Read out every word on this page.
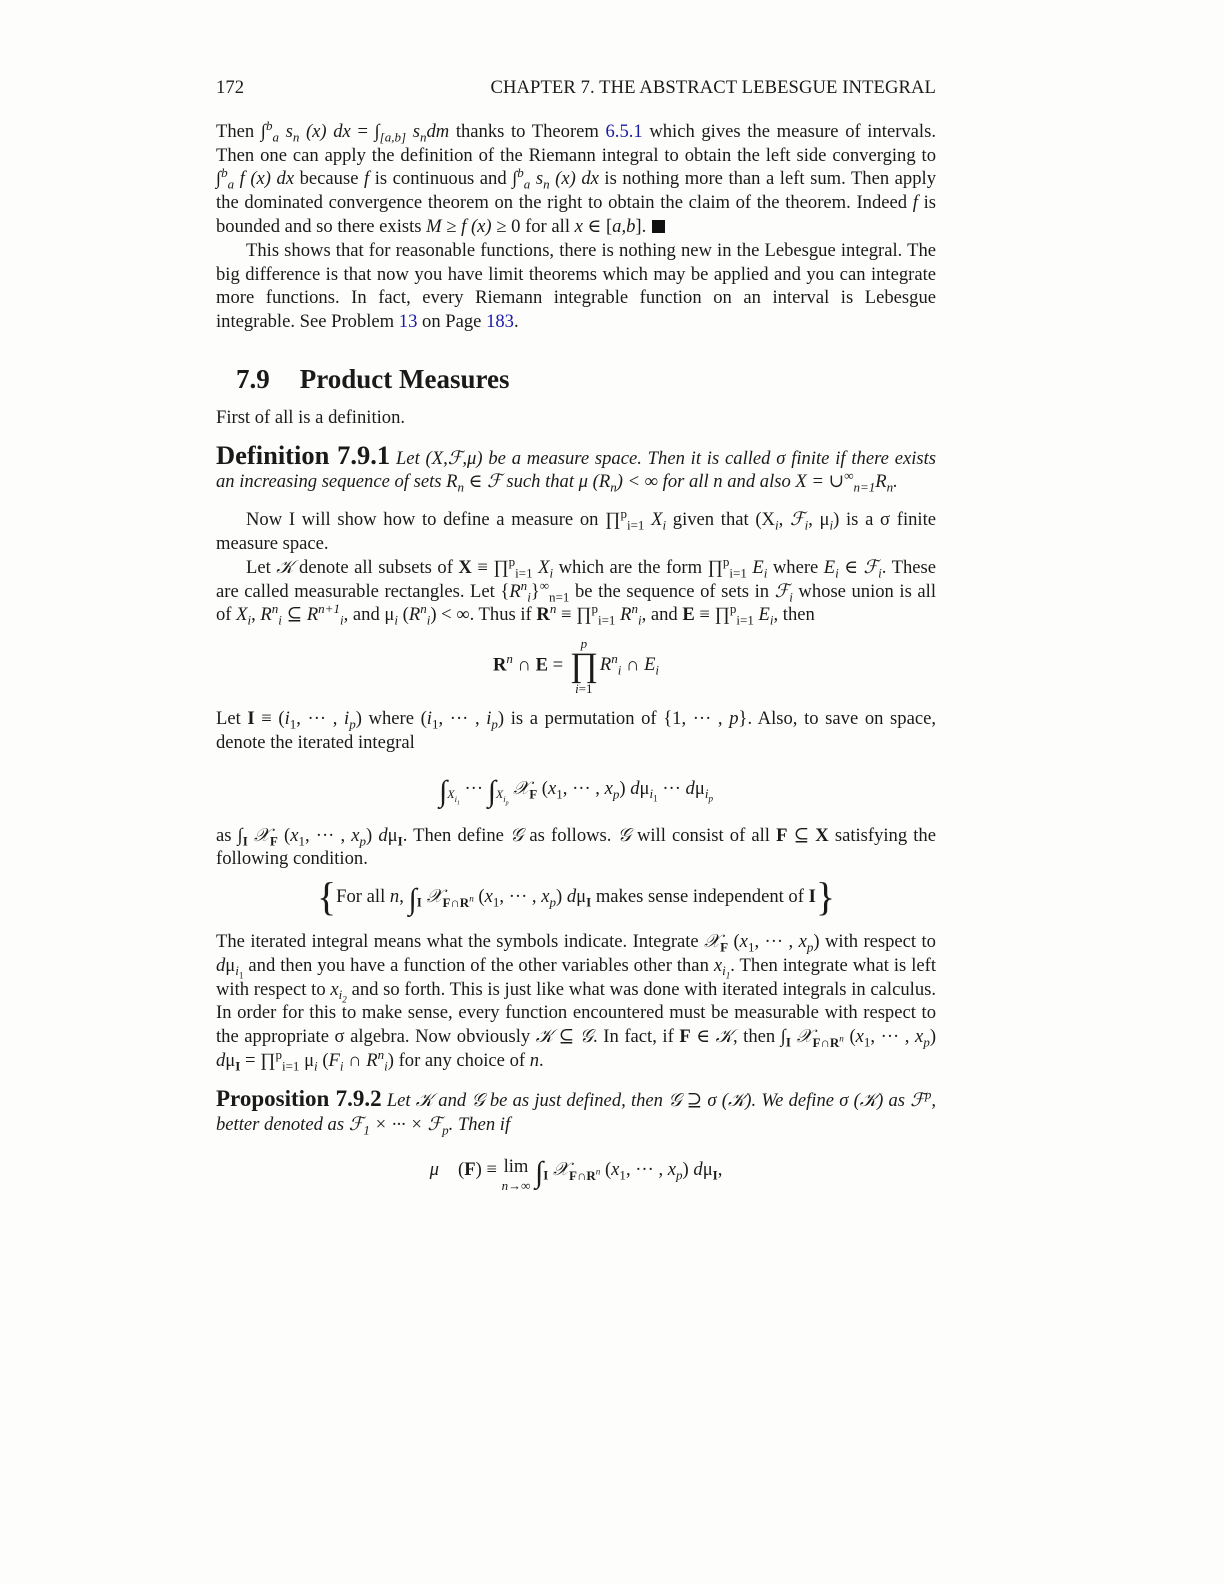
172	CHAPTER 7. THE ABSTRACT LEBESGUE INTEGRAL

Then ∫$^b_a$ $s_n$ (x) dx = $\int_{[a,b]}$ $s_ndm$ thanks to Theorem 6.5.1 which gives the measure of intervals. Then one can apply the definition of the Riemann integral to obtain the left side converging to ∫$^b_a$ f (x) dx because f is continuous and ∫$^b_a$ $s_n$ (x) dx is nothing more than a left sum. Then apply the dominated convergence theorem on the right to obtain the claim of the theorem. Indeed f is bounded and so there exists M ≥ f (x) ≥ 0 for all x ∈ [a,b].

This shows that for reasonable functions, there is nothing new in the Lebesgue integral. The big difference is that now you have limit theorems which may be applied and you can integrate more functions. In fact, every Riemann integrable function on an interval is Lebesgue integrable. See Problem 13 on Page 183.

7.9 Product Measures

First of all is a definition.

Definition 7.9.1 Let (X,ℱ,μ) be a measure space. Then it is called σ finite if there exists an increasing sequence of sets $R_n$ ∈ ℱ such that μ $(R_n)$ < ∞ for all n and also $X = \cup^\infty_{n=1}R_n$.

Now I will show how to define a measure on ∏$^p_{i=1}$ $X_i$ given that ($X_i$, ℱ$_i$, $\mu_i$) is a σ finite measure space.

Let 𝒦 denote all subsets of X ≡ ∏$^p_{i=1}$ $X_i$ which are the form ∏$^p_{i=1}$ $E_i$ where $E_i$ ∈ ℱ$_i$. These are called measurable rectangles. Let $\{R^n_i\}^\infty_{n=1}$ be the sequence of sets in ℱ$_i$ whose union is all of $X_i$, $R^n_i$ ⊆ $R^{n+1}_i$, and $\mu_i$ $(R^n_i)$ < ∞. Thus if $R^n$ ≡ ∏$^p_{i=1}$ $R^n_i$, and E ≡ ∏$^p_{i=1}$ $E_i$, then

$R^n$ ∩ E =
p
∏
i=1
$R^n_i$ ∩ $E_i$

Let $I \equiv (i_1$, ··· , $i_p$) where ($i_1$, ··· , $i_p$) is a permutation of {1, ··· , p}. Also, to save on space, denote the iterated integral

$\int_{X_{i_1}}$ ··· $\int_{X_{i_p}}$ 𝒳$_F$ ($x_1$, ··· , $x_p$) $d\mu_{i_1}$ ··· $d\mu_{i_p}$

as $\int_I$ 𝒳$_F$ ($x_1$, ··· , $x_p$) $d\mu_I$. Then define 𝒢 as follows. 𝒢 will consist of all F ⊆ X satisfying the following condition.

{For all n, $\int_I$ 𝒳$_{F\cap R^n}$ ($x_1$, ··· , $x_p$) $d\mu_I$ makes sense independent of I}

The iterated integral means what the symbols indicate. Integrate 𝒳$_F$ ($x_1$, ··· , $x_p$) with respect to $d\mu_{i_1}$ and then you have a function of the other variables other than $x_{i_1}$. Then integrate what is left with respect to $x_{i_2}$ and so forth. This is just like what was done with iterated integrals in calculus. In order for this to make sense, every function encountered must be measurable with respect to the appropriate σ algebra. Now obviously 𝒦 ⊆ 𝒢. In fact, if F ∈ 𝒦, then $\int_I$ 𝒳$_{F\cap R^n}$ ($x_1$, ··· , $x_p$) $d\mu_I$ = ∏$^p_{i=1}$ $\mu_i$ ($F_i$ ∩ $R^n_i$) for any choice of n.

Proposition 7.9.2 Let 𝒦 and 𝒢 be as just defined, then 𝒢 ⊇ σ (𝒦). We define σ (𝒦) as ℱ$^p$, better denoted as ℱ$_1$ × ··· × ℱ$_p$. Then if

μ⃗ (F) ≡ lim
n→∞ $\int_I$ 𝒳$_{F\cap R^n}$ ($x_1$, ··· , $x_p$) $d\mu_I$,
